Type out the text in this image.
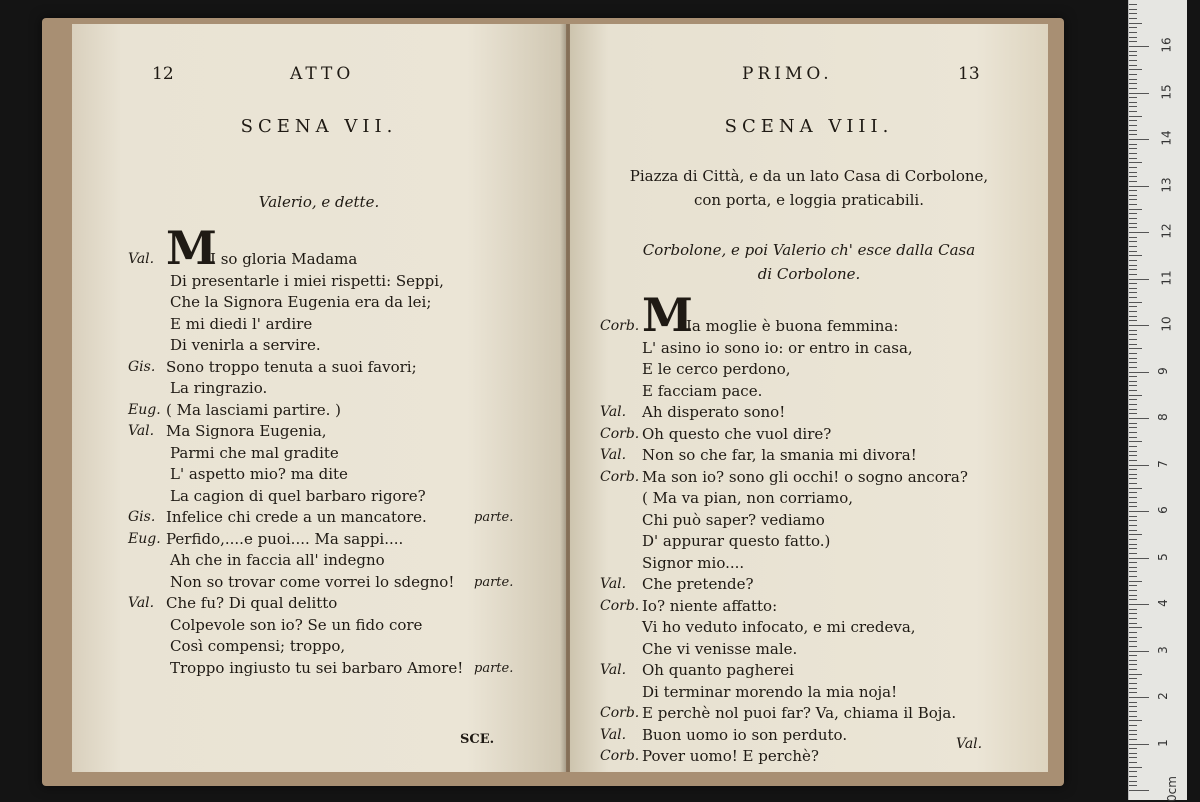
12	ATTO
SCENA VII.
Valerio, e dette.
Val. M
I so gloria Madama
Di presentarle i miei rispetti: Seppi,
Che la Signora Eugenia era da lei;
E mi diedi l' ardire
Di venirla a servire.
Gis. Sono troppo tenuta a suoi favori;
La ringrazio.
Eug. ( Ma lasciami partire. )
Val. Ma Signora Eugenia,
Parmi che mal gradite
L' aspetto mio? ma dite
La cagion di quel barbaro rigore?
Gis. Infelice chi crede a un mancatore.	parte.
Eug. Perfido,....e puoi.... Ma sappi....
Ah che in faccia all' indegno
Non so trovar come vorrei lo sdegno! parte.
Val. Che fu? Di qual delitto
Colpevole son io? Se un fido core
Così compensi; troppo,
Troppo ingiusto tu sei barbaro Amore! parte.
SCE.
PRIMO.	13
SCENA VIII.
Piazza di Città, e da un lato Casa di Corbolone,
con porta, e loggia praticabili.
Corbolone, e poi Valerio ch' esce dalla Casa
di Corbolone.
Corb. M
Ia moglie è buona femmina:
L' asino io sono io: or entro in casa,
E le cerco perdono,
E facciam pace.
Val. Ah disperato sono!
Corb. Oh questo che vuol dire?
Val. Non so che far, la smania mi divora!
Corb. Ma son io? sono gli occhi! o sogno ancora?
( Ma va pian, non corriamo,
Chi può saper? vediamo
D' appurar questo fatto.)
Signor mio....
Val. Che pretende?
Corb. Io? niente affatto:
Vi ho veduto infocato, e mi credeva,
Che vi venisse male.
Val. Oh quanto pagherei
Di terminar morendo la mia noja!
Corb. E perchè nol puoi far? Va, chiama il Boja.
Val. Buon uomo io son perduto.
Corb. Pover uomo! E perchè?
Val.
0cm
1
2
3
4
5
6
7
8
9
10
11
12
13
14
15
16
